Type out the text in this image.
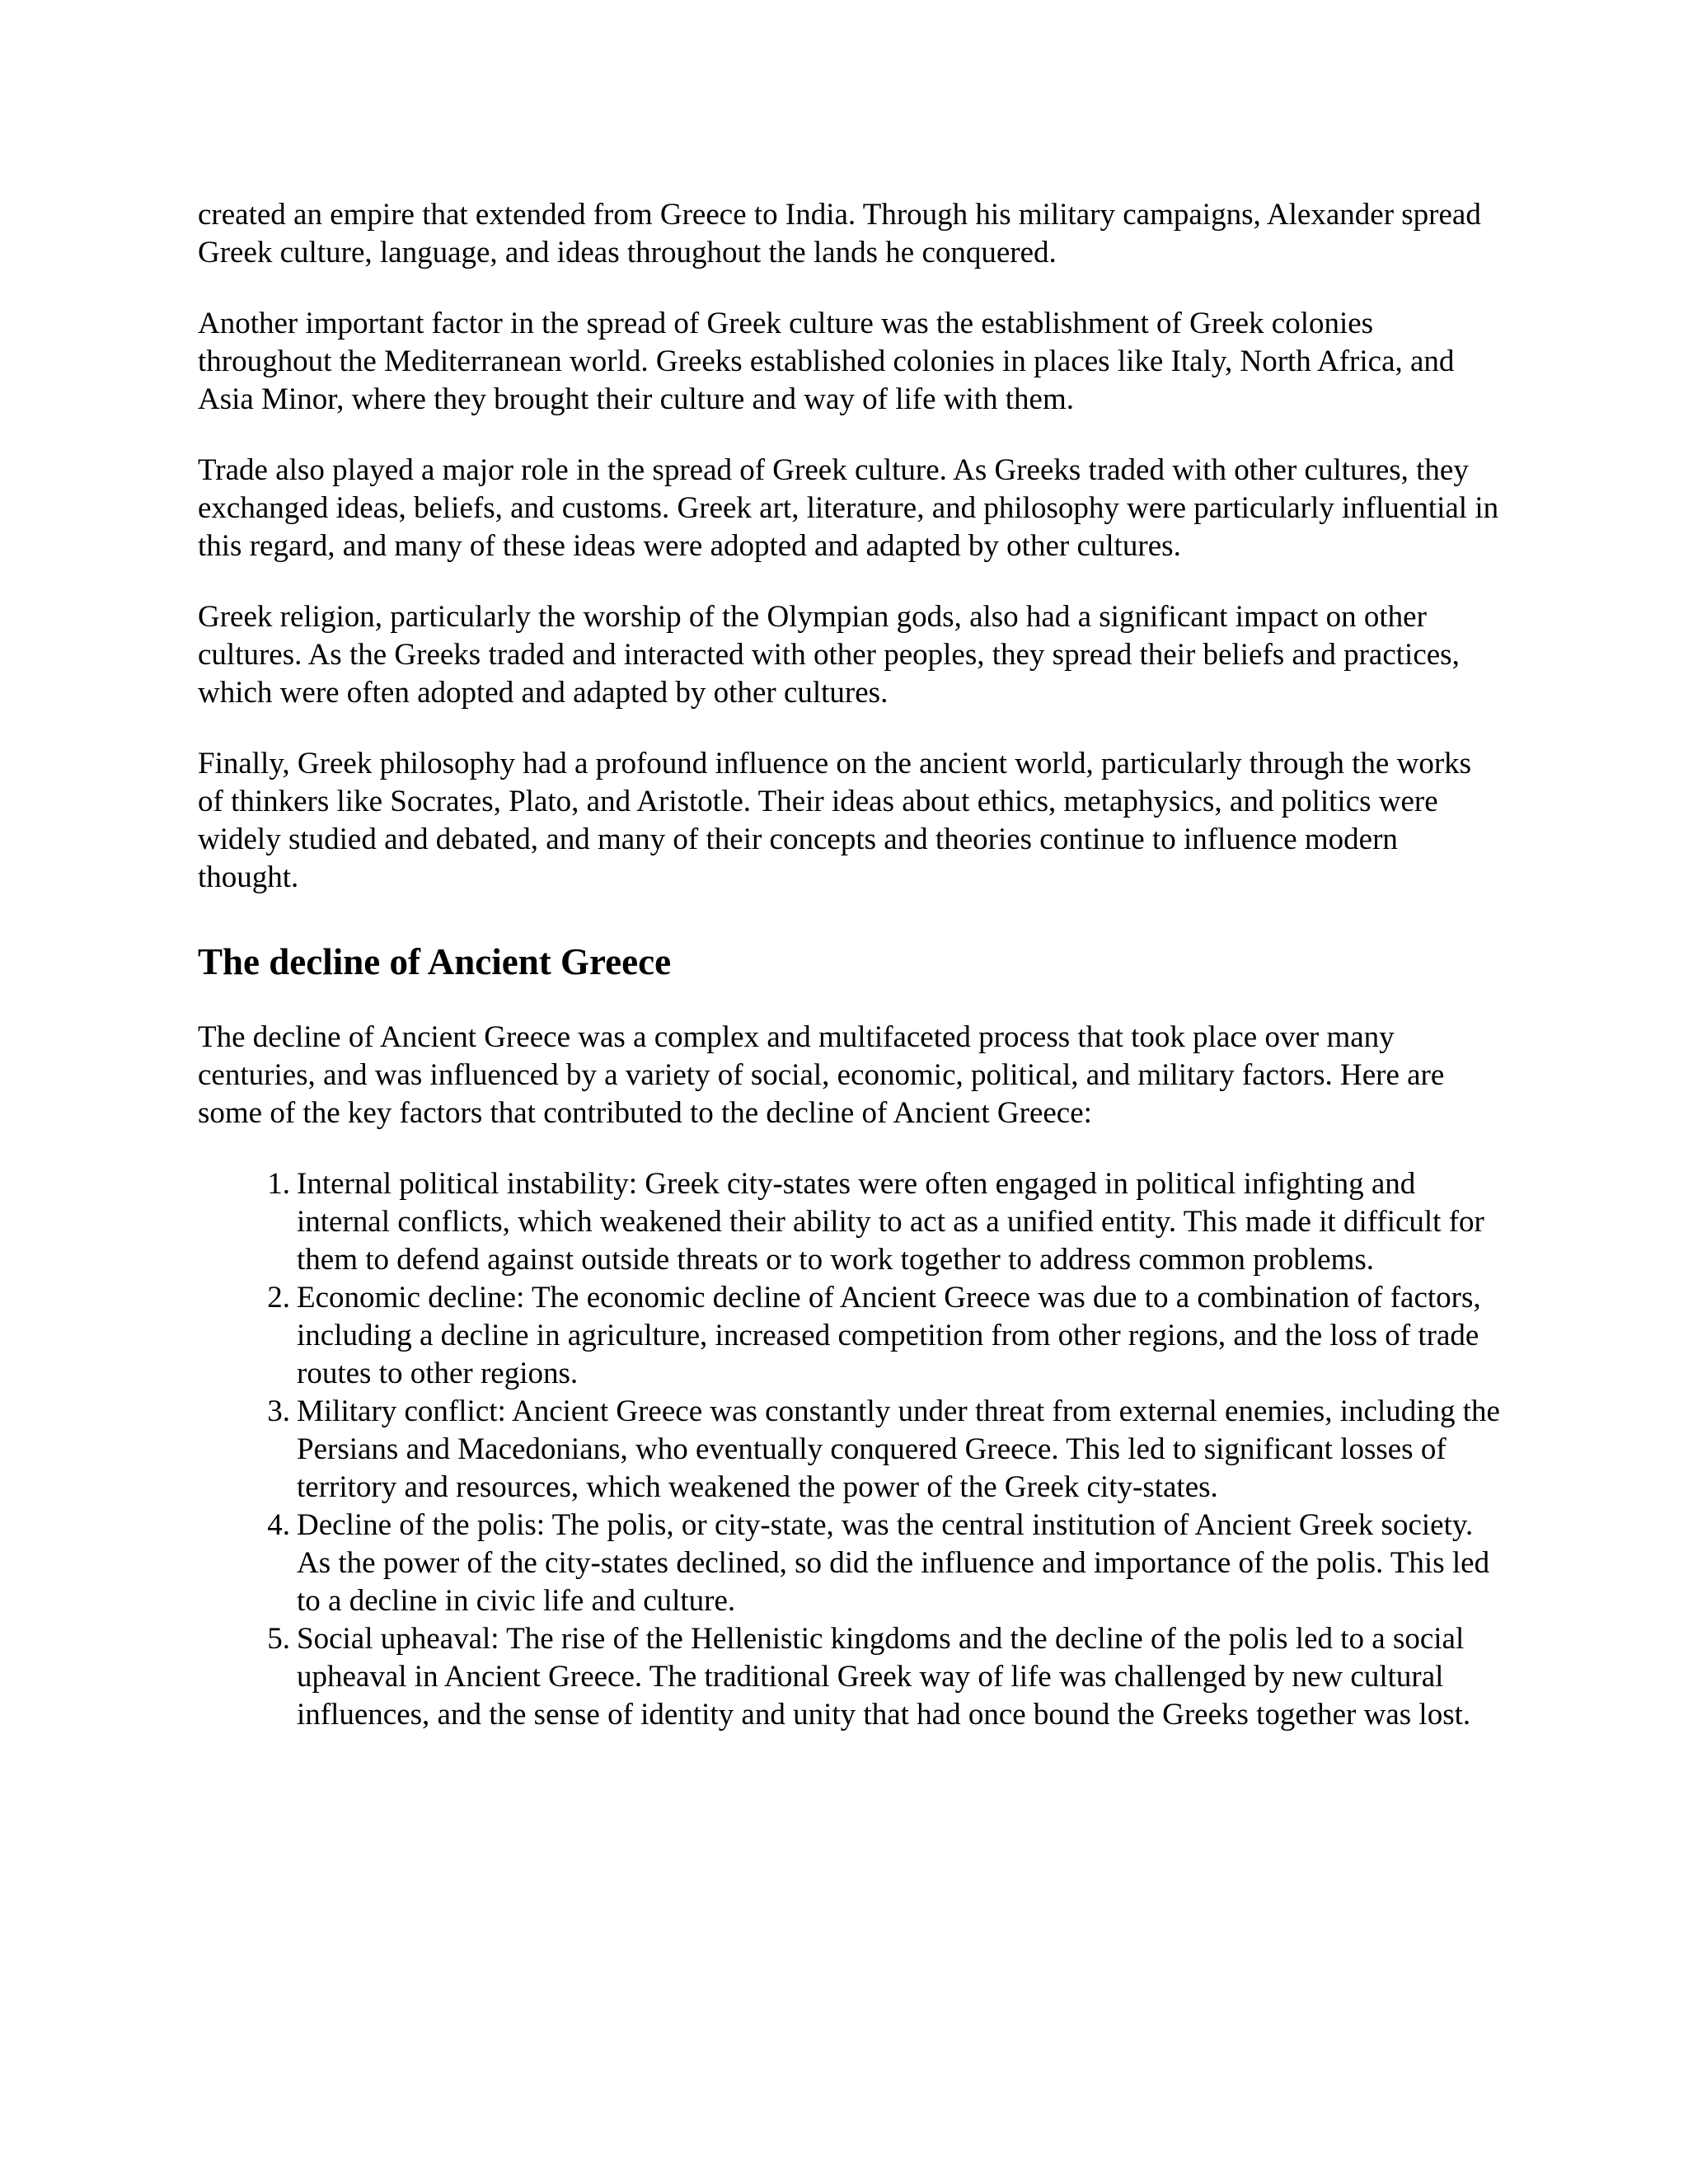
created an empire that extended from Greece to India. Through his military campaigns, Alexander spread Greek culture, language, and ideas throughout the lands he conquered.

Another important factor in the spread of Greek culture was the establishment of Greek colonies throughout the Mediterranean world. Greeks established colonies in places like Italy, North Africa, and Asia Minor, where they brought their culture and way of life with them.

Trade also played a major role in the spread of Greek culture. As Greeks traded with other cultures, they exchanged ideas, beliefs, and customs. Greek art, literature, and philosophy were particularly influential in this regard, and many of these ideas were adopted and adapted by other cultures.

Greek religion, particularly the worship of the Olympian gods, also had a significant impact on other cultures. As the Greeks traded and interacted with other peoples, they spread their beliefs and practices, which were often adopted and adapted by other cultures.

Finally, Greek philosophy had a profound influence on the ancient world, particularly through the works of thinkers like Socrates, Plato, and Aristotle. Their ideas about ethics, metaphysics, and politics were widely studied and debated, and many of their concepts and theories continue to influence modern thought.

The decline of Ancient Greece

The decline of Ancient Greece was a complex and multifaceted process that took place over many centuries, and was influenced by a variety of social, economic, political, and military factors. Here are some of the key factors that contributed to the decline of Ancient Greece:

1. Internal political instability: Greek city-states were often engaged in political infighting and internal conflicts, which weakened their ability to act as a unified entity. This made it difficult for them to defend against outside threats or to work together to address common problems.
2. Economic decline: The economic decline of Ancient Greece was due to a combination of factors, including a decline in agriculture, increased competition from other regions, and the loss of trade routes to other regions.
3. Military conflict: Ancient Greece was constantly under threat from external enemies, including the Persians and Macedonians, who eventually conquered Greece. This led to significant losses of territory and resources, which weakened the power of the Greek city-states.
4. Decline of the polis: The polis, or city-state, was the central institution of Ancient Greek society. As the power of the city-states declined, so did the influence and importance of the polis. This led to a decline in civic life and culture.
5. Social upheaval: The rise of the Hellenistic kingdoms and the decline of the polis led to a social upheaval in Ancient Greece. The traditional Greek way of life was challenged by new cultural influences, and the sense of identity and unity that had once bound the Greeks together was lost.
